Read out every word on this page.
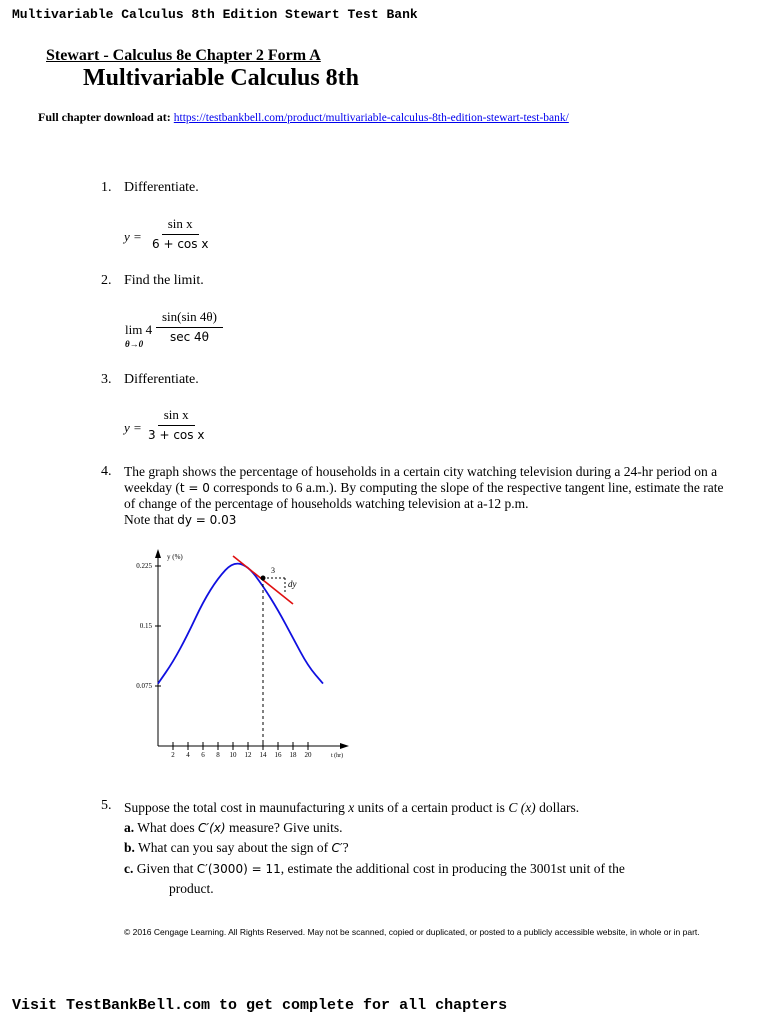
Multivariable Calculus 8th Edition Stewart Test Bank
Stewart - Calculus 8e Chapter 2 Form A
Multivariable Calculus 8th
Full chapter download at: https://testbankbell.com/product/multivariable-calculus-8th-edition-stewart-test-bank/
1. Differentiate.
$y = \frac{\text{sin x}}{\text{6 + cos x}}$
2. Find the limit.
lim 4
θ→0
sin(sin 4θ)
sec 4θ
3. Differentiate.
$y = \frac{\text{sin x}}{\text{3 + cos x}}$
4. The graph shows the percentage of households in a certain city watching television during a 24-hr period on a
weekday (t = 0 corresponds to 6 a.m.). By computing the slope of the respective tangent line, estimate the rate
of change of the percentage of households watching television at a-12 p.m.
Note that dy = 0.03
y (%)
t (hr)
0.225
0.15
0.075
2 4 6 8 10 12 14 16 18 20
3
dy
5. Suppose the total cost in maunufacturing x units of a certain product is C (x) dollars.
a. What does C′(x) measure? Give units.
b. What can you say about the sign of C′?
c. Given that C′(3000) = 11, estimate the additional cost in producing the 3001st unit of the
product.
© 2016 Cengage Learning. All Rights Reserved. May not be scanned, copied or duplicated, or posted to a publicly accessible website, in whole or in part.
Visit TestBankBell.com to get complete for all chapters
